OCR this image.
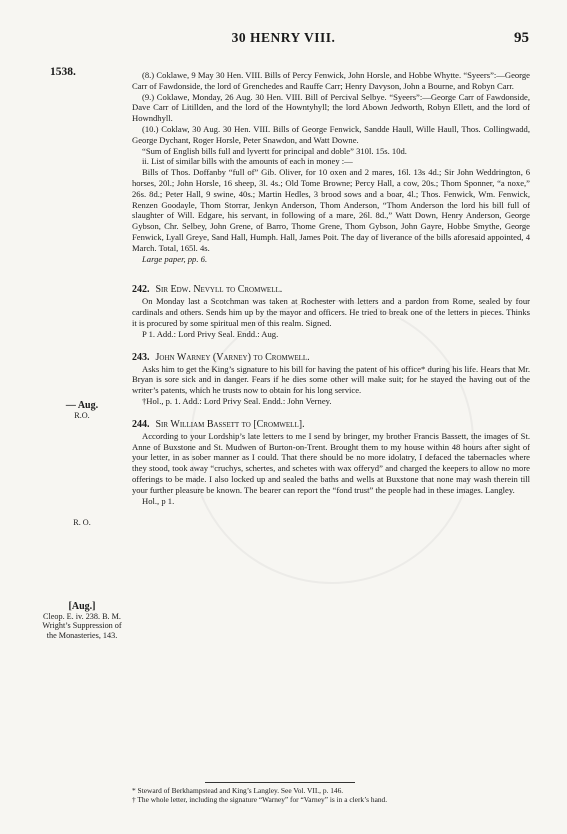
30 HENRY VIII.	95
1538.
— Aug.
R.O.
R. O.
[Aug.]
Cleop. E. iv. 238. B. M. Wright’s Suppression of the Monasteries, 143.

(8.) Coklawe, 9 May 30 Hen. VIII. Bills of Percy Fenwick, John Horsle, and Hobbe Whytte. “Syeers”:—George Carr of Fawdonside, the lord of Grenchedes and Rauffe Carr; Henry Davyson, John a Bourne, and Robyn Carr.

(9.) Coklawe, Monday, 26 Aug. 30 Hen. VIII. Bill of Percival Selbye. “Syeers”:—George Carr of Fawdonside, Dave Carr of Litillden, and the lord of the Howntyhyll; the lord Abown Jedworth, Robyn Ellett, and the lord of Howndhyll.

(10.) Coklaw, 30 Aug. 30 Hen. VIII. Bills of George Fenwick, Sandde Haull, Wille Haull, Thos. Collingwadd, George Dychant, Roger Horsle, Peter Snawdon, and Watt Downe.

“Sum of English bills full and lyvertt for principal and doble” 310l. 15s. 10d.

ii. List of similar bills with the amounts of each in money :—

Bills of Thos. Doffanby “full of” Gib. Oliver, for 10 oxen and 2 mares, 16l. 13s 4d.; Sir John Weddrington, 6 horses, 20l.; John Horsle, 16 sheep, 3l. 4s.; Old Tome Browne; Percy Hall, a cow, 20s.; Thom Sponner, “a noxe,” 26s. 8d.; Peter Hall, 9 swine, 40s.; Martin Hedles, 3 brood sows and a boar, 4l.; Thos. Fenwick, Wm. Fenwick, Renzen Goodayle, Thom Storrar, Jenkyn Anderson, Thom Anderson, “Thom Anderson the lord his bill full of slaughter of Will. Edgare, his servant, in following of a mare, 26l. 8d.,” Watt Down, Henry Anderson, George Gybson, Chr. Selbey, John Grene, of Barro, Thome Grene, Thom Gybson, John Gayre, Hobbe Smythe, George Fenwick, Lyall Greye, Sand Hall, Humph. Hall, James Poit. The day of liverance of the bills aforesaid appointed, 4 March. Total, 165l. 4s.

Large paper, pp. 6.

242. Sir Edw. Nevyll to Cromwell.

On Monday last a Scotchman was taken at Rochester with letters and a pardon from Rome, sealed by four cardinals and others. Sends him up by the mayor and officers. He tried to break one of the letters in pieces. Thinks it is procured by some spiritual men of this realm. Signed.

P 1. Add.: Lord Privy Seal. Endd.: Aug.

243. John Warney (Varney) to Cromwell.

Asks him to get the King’s signature to his bill for having the patent of his office* during his life. Hears that Mr. Bryan is sore sick and in danger. Fears if he dies some other will make suit; for he stayed the having out of the writer’s patents, which he trusts now to obtain for his long service.

†Hol., p. 1. Add.: Lord Privy Seal. Endd.: John Verney.

244. Sir William Bassett to [Cromwell].

According to your Lordship’s late letters to me I send by bringer, my brother Francis Bassett, the images of St. Anne of Buxstone and St. Mudwen of Burton-on-Trent. Brought them to my house within 48 hours after sight of your letter, in as sober manner as I could. That there should be no more idolatry, I defaced the tabernacles where they stood, took away “cruchys, schertes, and schetes with wax offeryd” and charged the keepers to allow no more offerings to be made. I also locked up and sealed the baths and wells at Buxstone that none may wash therein till your further pleasure be known. The bearer can report the “fond trust” the people had in these images. Langley.

Hol., p 1.

* Steward of Berkhampstead and King’s Langley. See Vol. VII., p. 146.

† The whole letter, including the signature “Warney” for “Varney” is in a clerk’s hand.
